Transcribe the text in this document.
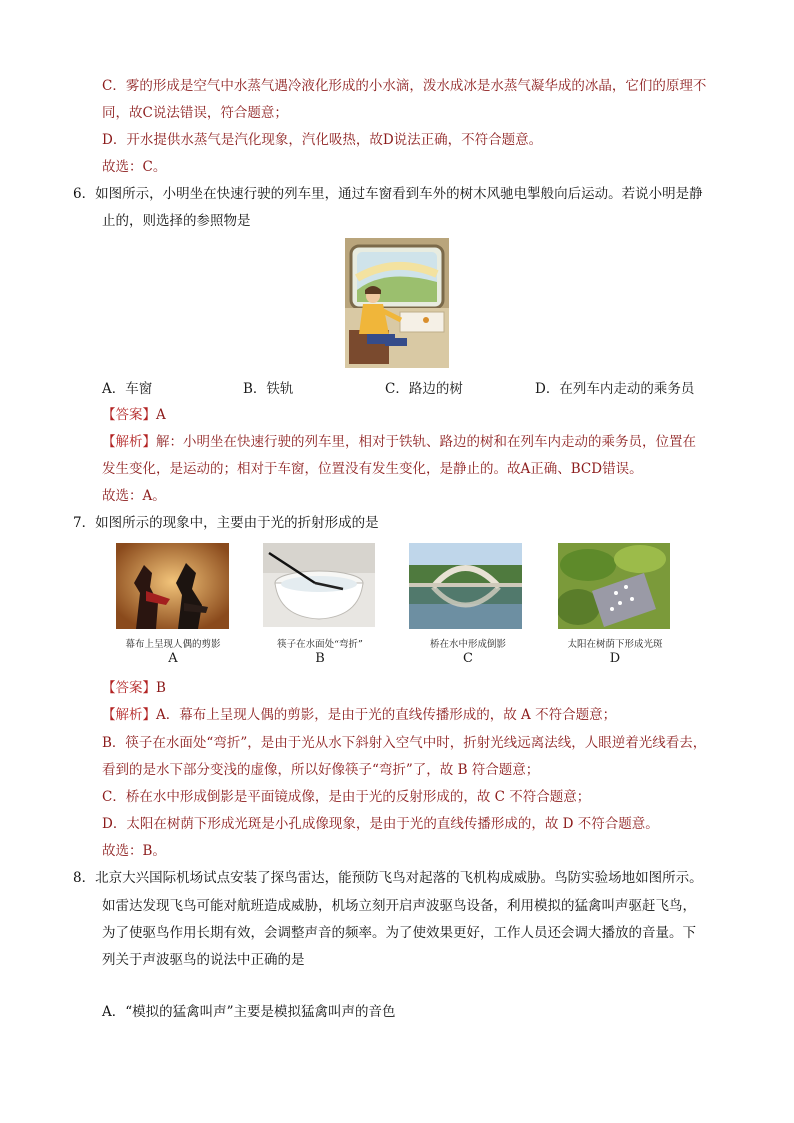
C．雾的形成是空气中水蒸气遇冷液化形成的小水滴，泼水成冰是水蒸气凝华成的冰晶，它们的原理不
同，故C说法错误，符合题意；
D．开水提供水蒸气是汽化现象，汽化吸热，故D说法正确，不符合题意。
故选：C。
6．如图所示，小明坐在快速行驶的列车里，通过车窗看到车外的树木风驰电掣般向后运动。若说小明是静
止的，则选择的参照物是
A．车窗	B．铁轨	C．路边的树	D．在列车内走动的乘务员
【答案】A
【解析】解：小明坐在快速行驶的列车里，相对于铁轨、路边的树和在列车内走动的乘务员，位置在
发生变化，是运动的；相对于车窗，位置没有发生变化，是静止的。故A正确、BCD错误。
故选：A。
7．如图所示的现象中，主要由于光的折射形成的是
幕布上呈现人偶的剪影	筷子在水面处“弯折”	桥在水中形成倒影	太阳在树荫下形成光斑
A	B	C	D
【答案】B
【解析】A．幕布上呈现人偶的剪影，是由于光的直线传播形成的，故 A 不符合题意；
B．筷子在水面处“弯折”，是由于光从水下斜射入空气中时，折射光线远离法线，人眼逆着光线看去，
看到的是水下部分变浅的虚像，所以好像筷子“弯折”了，故 B 符合题意；
C．桥在水中形成倒影是平面镜成像，是由于光的反射形成的，故 C 不符合题意；
D．太阳在树荫下形成光斑是小孔成像现象，是由于光的直线传播形成的，故 D 不符合题意。
故选：B。
8．北京大兴国际机场试点安装了探鸟雷达，能预防飞鸟对起落的飞机构成威胁。鸟防实验场地如图所示。
如雷达发现飞鸟可能对航班造成威胁，机场立刻开启声波驱鸟设备，利用模拟的猛禽叫声驱赶飞鸟，
为了使驱鸟作用长期有效，会调整声音的频率。为了使效果更好，工作人员还会调大播放的音量。下
列关于声波驱鸟的说法中正确的是
A．“模拟的猛禽叫声”主要是模拟猛禽叫声的音色
